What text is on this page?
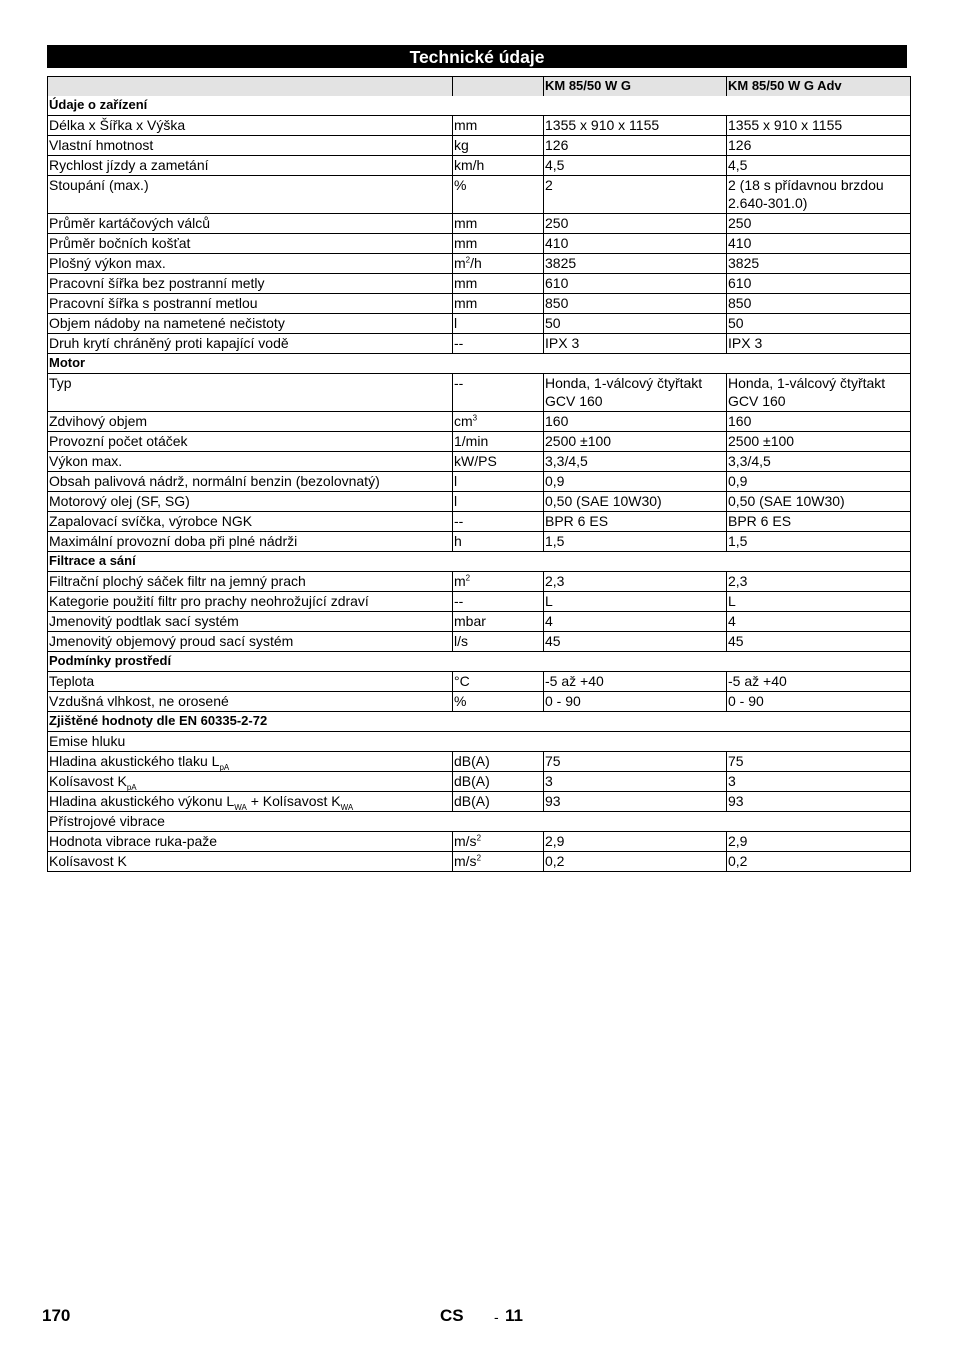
Technické údaje
		KM 85/50 W G	KM 85/50 W G Adv
Údaje o zařízení			
Délka x Šířka x Výška	mm	1355 x 910 x 1155	1355 x 910 x 1155
Vlastní hmotnost	kg	126	126
Rychlost jízdy a zametání	km/h	4,5	4,5
Stoupání (max.)	%	2	2 (18 s přídavnou brzdou 2.640-301.0)
Průměr kartáčových válců	mm	250	250
Průměr bočních košťat	mm	410	410
Plošný výkon max.	$m^2/h$	3825	3825
Pracovní šířka bez postranní metly	mm	610	610
Pracovní šířka s postranní metlou	mm	850	850
Objem nádoby na nametené nečistoty	l	50	50
Druh krytí chráněný proti kapající vodě	--	IPX 3	IPX 3
Motor			
Typ	--	Honda, 1-válcový čtyřtakt GCV 160	Honda, 1-válcový čtyřtakt GCV 160
Zdvihový objem	$cm^3$	160	160
Provozní počet otáček	1/min	2500 ±100	2500 ±100
Výkon max.	kW/PS	3,3/4,5	3,3/4,5
Obsah palivová nádrž, normální benzin (bezolovnatý)	l	0,9	0,9
Motorový olej (SF, SG)	l	0,50 (SAE 10W30)	0,50 (SAE 10W30)
Zapalovací svíčka, výrobce NGK	--	BPR 6 ES	BPR 6 ES
Maximální provozní doba při plné nádrži	h	1,5	1,5
Filtrace a sání			
Filtrační plochý sáček filtr na jemný prach	$m^2$	2,3	2,3
Kategorie použití filtr pro prachy neohrožující zdraví	--	L	L
Jmenovitý podtlak sací systém	mbar	4	4
Jmenovitý objemový proud sací systém	l/s	45	45
Podmínky prostředí			
Teplota	°C	-5 až +40	-5 až +40
Vzdušná vlhkost, ne orosené	%	0 - 90	0 - 90
Zjištěné hodnoty dle EN 60335-2-72			
Emise hluku			
Hladina akustického tlaku $L_{pA}$	dB(A)	75	75
Kolísavost $K_{pA}$	dB(A)	3	3
Hladina akustického výkonu $L_{WA}$ + Kolísavost $K_{WA}$	dB(A)	93	93
Přístrojové vibrace			
Hodnota vibrace ruka-paže	$m/s^2$	2,9	2,9
Kolísavost K	$m/s^2$	0,2	0,2
170	CS - 11
